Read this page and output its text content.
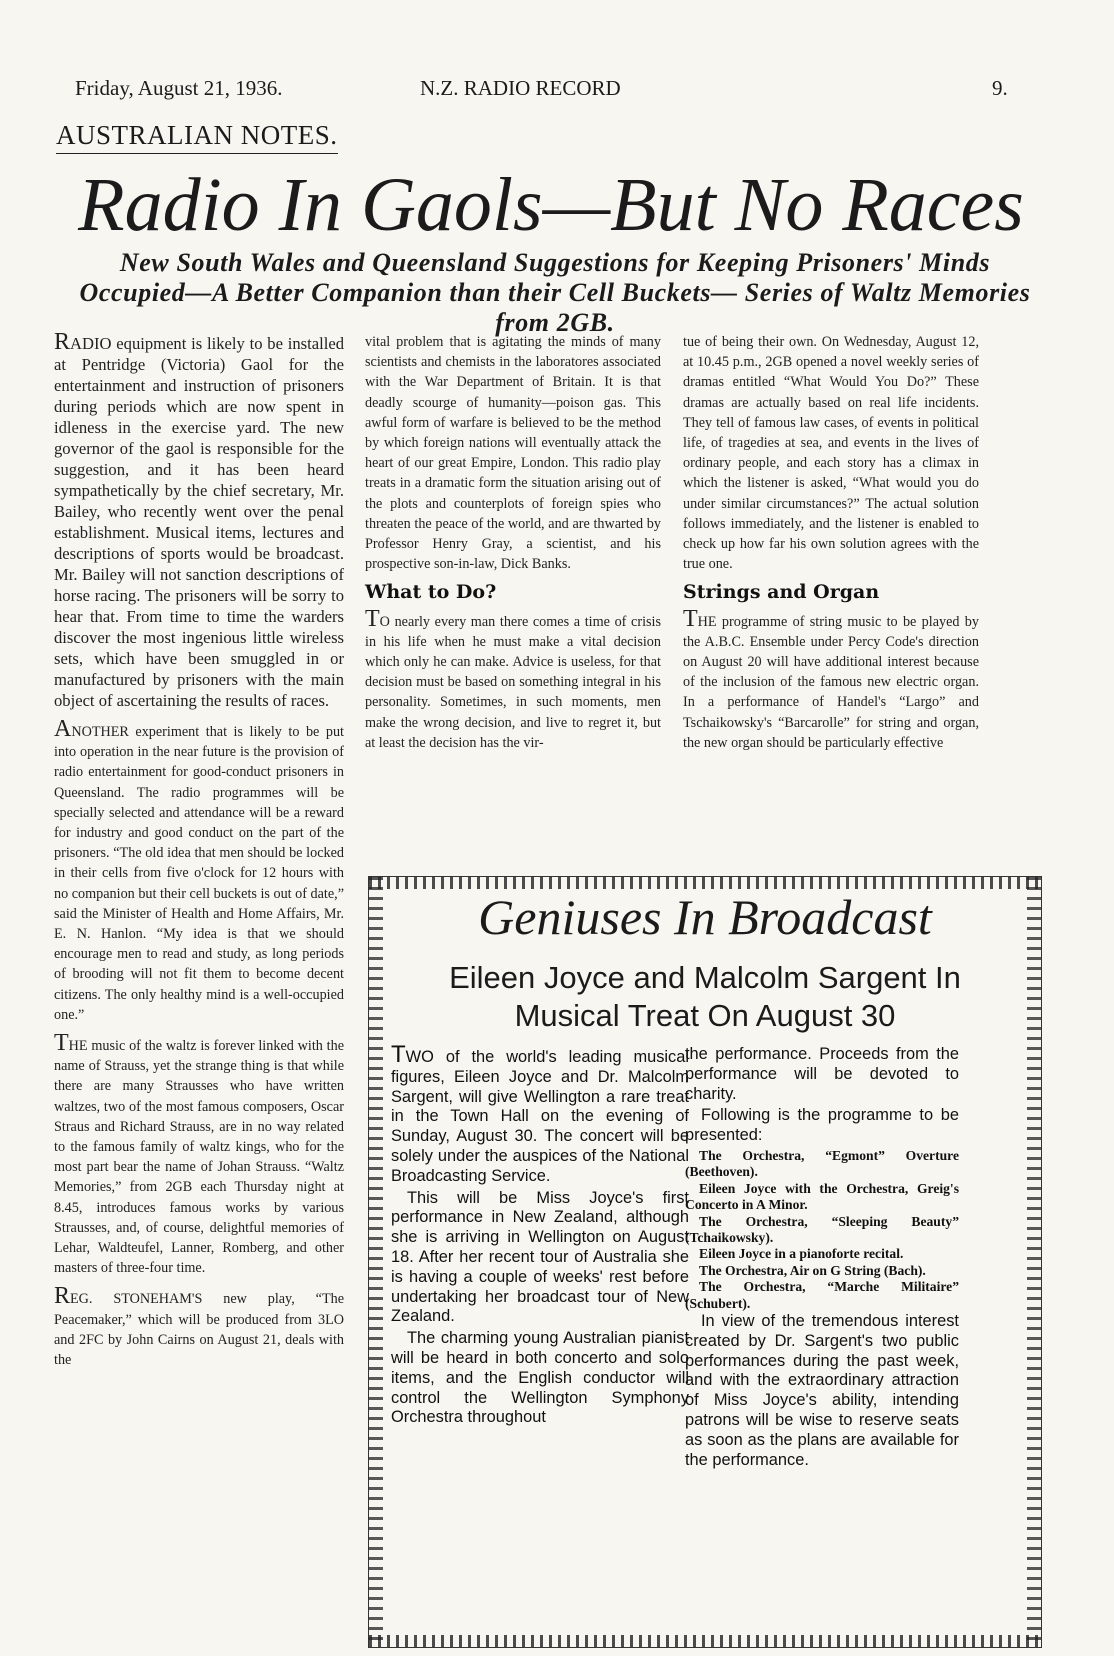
Friday, August 21, 1936.	N.Z. RADIO RECORD	9.
AUSTRALIAN NOTES.
Radio In Gaols—But No Races
New South Wales and Queensland Suggestions for Keeping Prisoners' Minds Occupied—A Better Companion than their Cell Buckets— Series of Waltz Memories from 2GB.

RADIO equipment is likely to be installed at Pentridge (Victoria) Gaol for the entertainment and instruction of prisoners during periods which are now spent in idleness in the exercise yard. The new governor of the gaol is responsible for the suggestion, and it has been heard sympathetically by the chief secretary, Mr. Bailey, who recently went over the penal establishment. Musical items, lectures and descriptions of sports would be broadcast. Mr. Bailey will not sanction descriptions of horse racing. The prisoners will be sorry to hear that. From time to time the warders discover the most ingenious little wireless sets, which have been smuggled in or manufactured by prisoners with the main object of ascertaining the results of races.

ANOTHER experiment that is likely to be put into operation in the near future is the provision of radio entertainment for good-conduct prisoners in Queensland. The radio programmes will be specially selected and attendance will be a reward for industry and good conduct on the part of the prisoners. “The old idea that men should be locked in their cells from five o'clock for 12 hours with no companion but their cell buckets is out of date,” said the Minister of Health and Home Affairs, Mr. E. N. Hanlon. “My idea is that we should encourage men to read and study, as long periods of brooding will not fit them to become decent citizens. The only healthy mind is a well-occupied one.”

THE music of the waltz is forever linked with the name of Strauss, yet the strange thing is that while there are many Strausses who have written waltzes, two of the most famous composers, Oscar Straus and Richard Strauss, are in no way related to the famous family of waltz kings, who for the most part bear the name of Johan Strauss. “Waltz Memories,” from 2GB each Thursday night at 8.45, introduces famous works by various Strausses, and, of course, delightful memories of Lehar, Waldteufel, Lanner, Romberg, and other masters of three-four time.

REG. STONEHAM'S new play, “The Peacemaker,” which will be produced from 3LO and 2FC by John Cairns on August 21, deals with the

vital problem that is agitating the minds of many scientists and chemists in the laboratores associated with the War Department of Britain. It is that deadly scourge of humanity—poison gas. This awful form of warfare is believed to be the method by which foreign nations will eventually attack the heart of our great Empire, London. This radio play treats in a dramatic form the situation arising out of the plots and counterplots of foreign spies who threaten the peace of the world, and are thwarted by Professor Henry Gray, a scientist, and his prospective son-in-law, Dick Banks.

What to Do?

TO nearly every man there comes a time of crisis in his life when he must make a vital decision which only he can make. Advice is useless, for that decision must be based on something integral in his personality. Sometimes, in such moments, men make the wrong decision, and live to regret it, but at least the decision has the vir-

tue of being their own. On Wednesday, August 12, at 10.45 p.m., 2GB opened a novel weekly series of dramas entitled “What Would You Do?” These dramas are actually based on real life incidents. They tell of famous law cases, of events in political life, of tragedies at sea, and events in the lives of ordinary people, and each story has a climax in which the listener is asked, “What would you do under similar circumstances?” The actual solution follows immediately, and the listener is enabled to check up how far his own solution agrees with the true one.

Strings and Organ

THE programme of string music to be played by the A.B.C. Ensemble under Percy Code's direction on August 20 will have additional interest because of the inclusion of the famous new electric organ. In a performance of Handel's “Largo” and Tschaikowsky's “Barcarolle” for string and organ, the new organ should be particularly effective

Geniuses In Broadcast
Eileen Joyce and Malcolm Sargent In
Musical Treat On August 30

TWO of the world's leading musical figures, Eileen Joyce and Dr. Malcolm Sargent, will give Wellington a rare treat in the Town Hall on the evening of Sunday, August 30. The concert will be solely under the auspices of the National Broadcasting Service.

This will be Miss Joyce's first performance in New Zealand, although she is arriving in Wellington on August 18. After her recent tour of Australia she is having a couple of weeks' rest before undertaking her broadcast tour of New Zealand.

The charming young Australian pianist will be heard in both concerto and solo items, and the English conductor will control the Wellington Symphony Orchestra throughout

the performance. Proceeds from the performance will be devoted to charity.

Following is the programme to be presented:

The Orchestra, “Egmont” Overture (Beethoven).
Eileen Joyce with the Orchestra, Greig's Concerto in A Minor.
The Orchestra, “Sleeping Beauty” (Tchaikowsky).
Eileen Joyce in a pianoforte recital.
The Orchestra, Air on G String (Bach).
The Orchestra, “Marche Militaire” (Schubert).

In view of the tremendous interest created by Dr. Sargent's two public performances during the past week, and with the extraordinary attraction of Miss Joyce's ability, intending patrons will be wise to reserve seats as soon as the plans are available for the performance.
